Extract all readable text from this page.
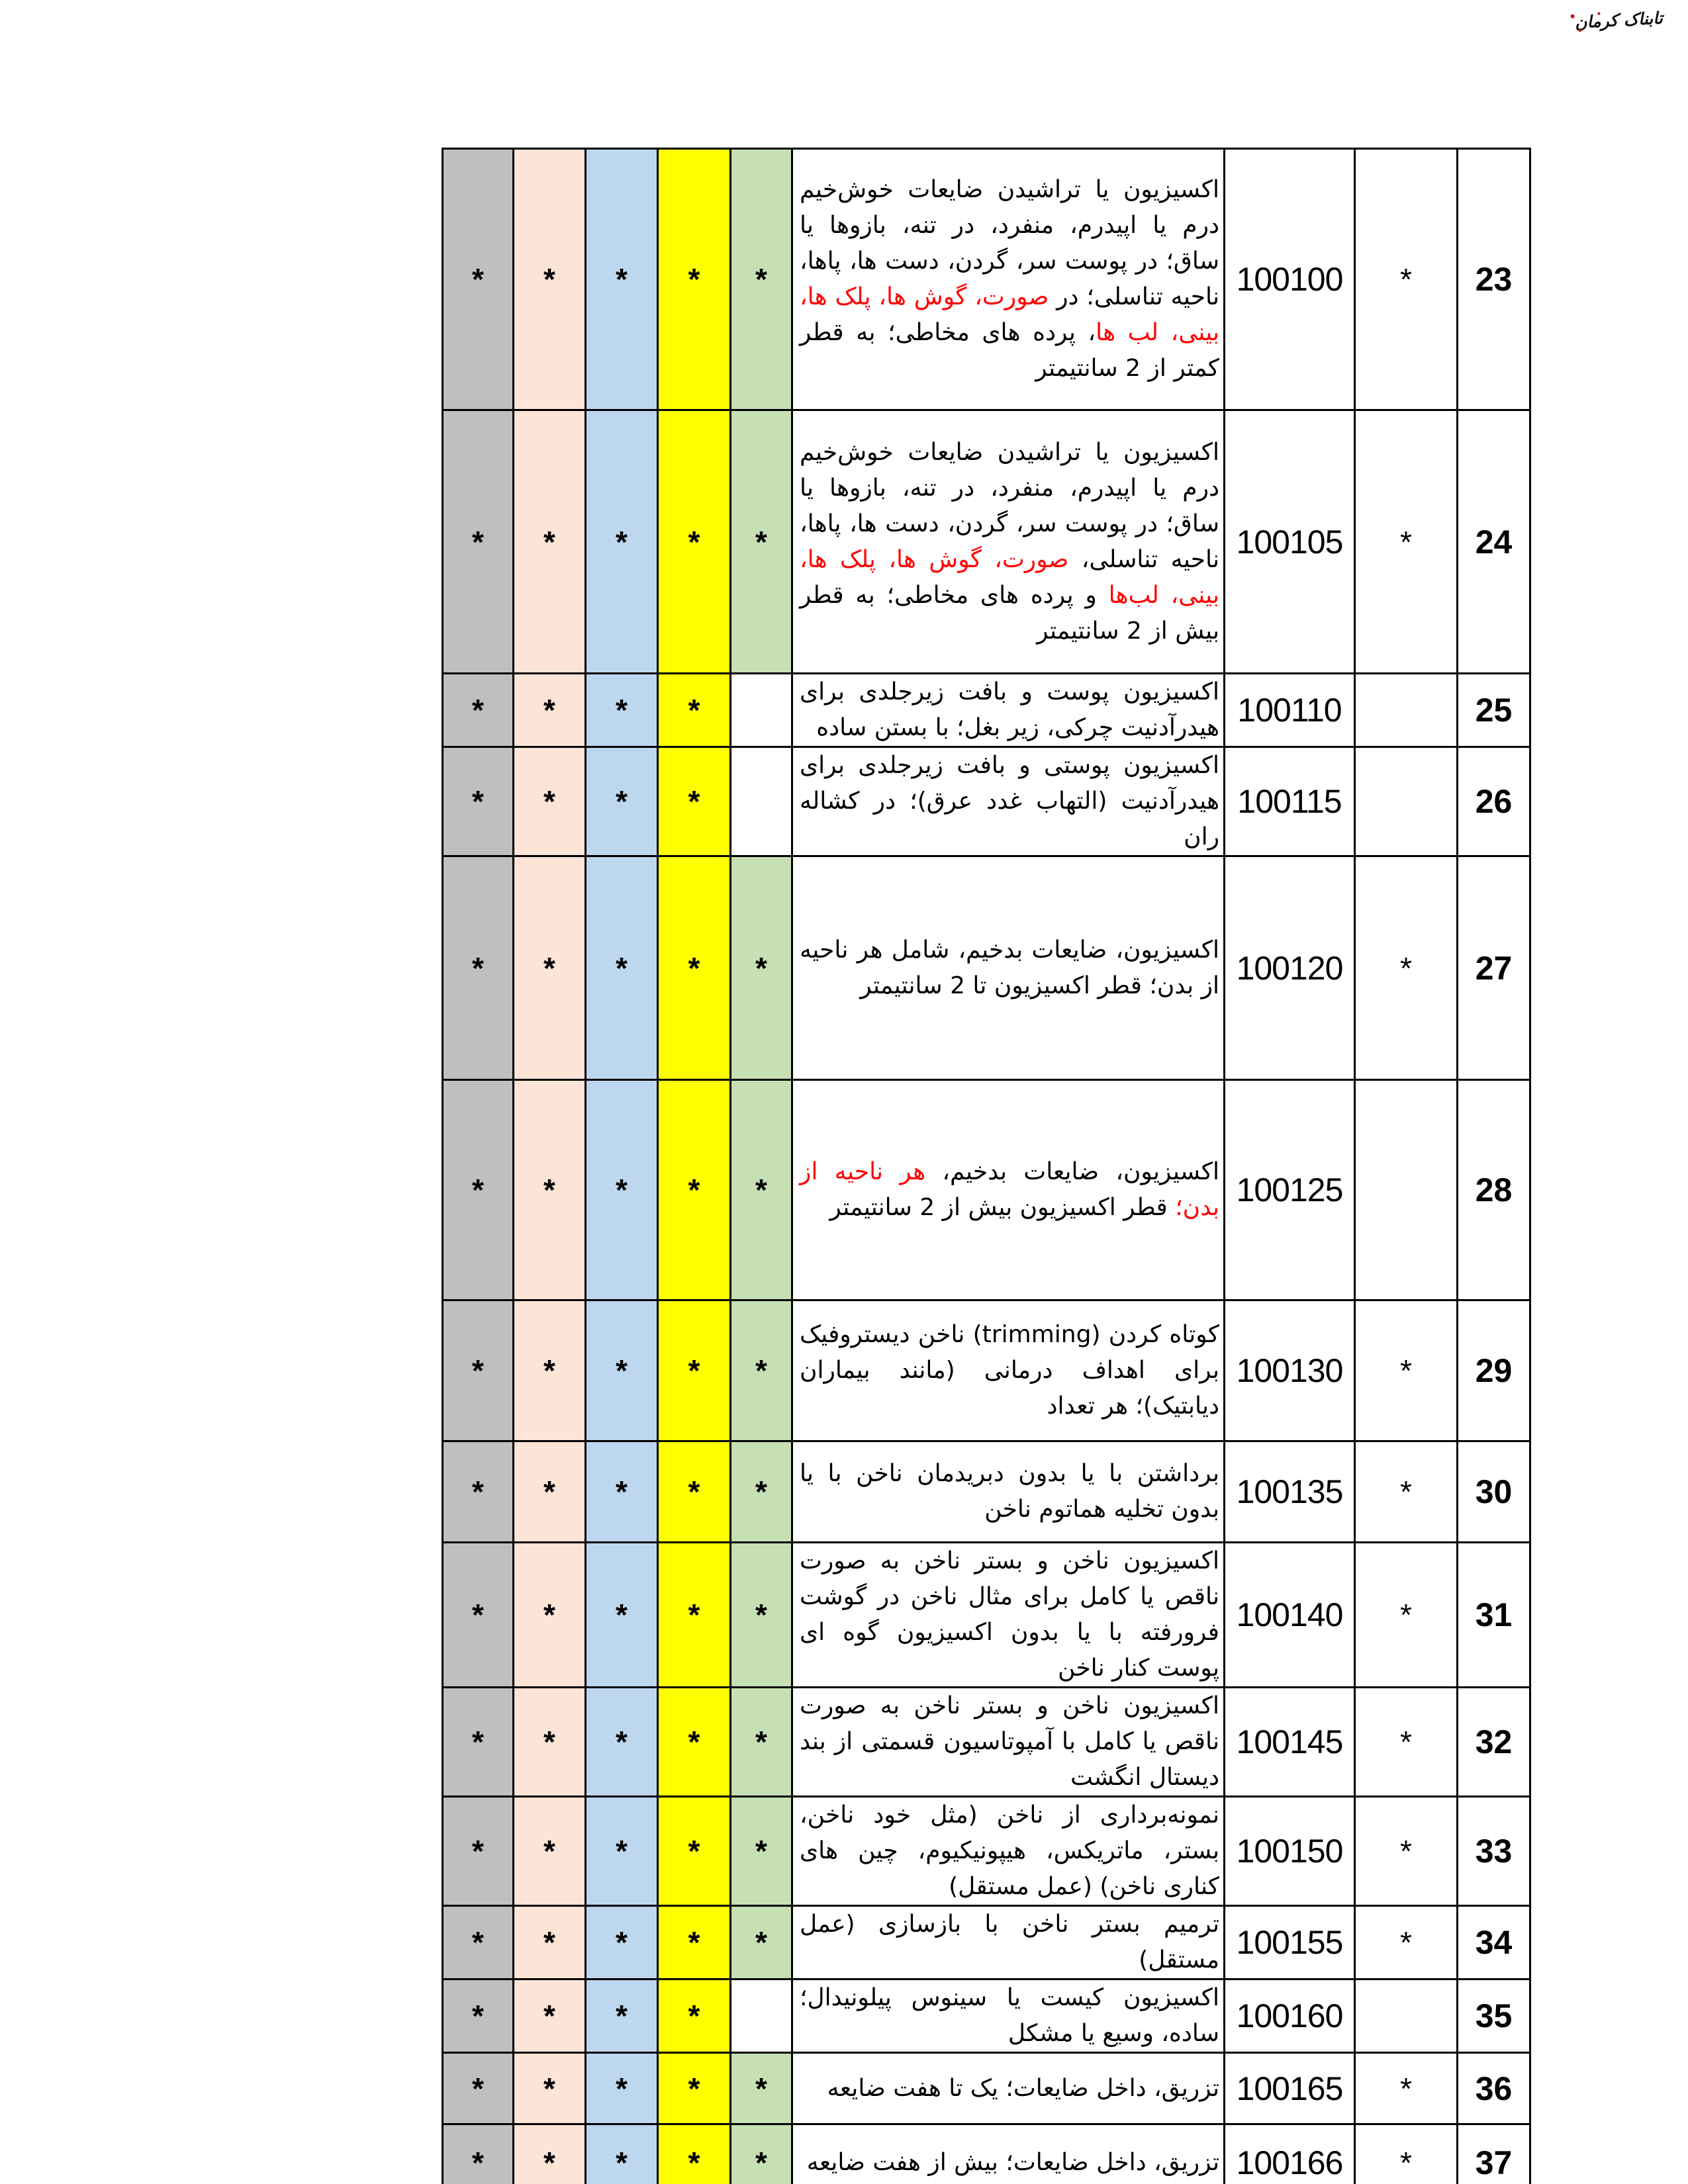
تابناک کرمان
*	*	*	*	*	اکسیزیون یا تراشیدن ضایعات خوش‌خیم درم یا اپیدرم، منفرد، در تنه، بازوها یا ساق؛ در پوست سر، گردن، دست ها، پاها، ناحیه تناسلی؛ در صورت، گوش ها، پلک ها، بینی، لب ها، پرده های مخاطی؛ به قطر کمتر از 2 سانتیمتر	100100	*	23
*	*	*	*	*	اکسیزیون یا تراشیدن ضایعات خوش‌خیم درم یا اپیدرم، منفرد، در تنه، بازوها یا ساق؛ در پوست سر، گردن، دست ها، پاها، ناحیه تناسلی، صورت، گوش ها، پلک ها، بینی، لب‌ها و پرده های مخاطی؛ به قطر بیش از 2 سانتیمتر	100105	*	24
*	*	*	*		اکسیزیون پوست و بافت زیرجلدی برای هیدرآدنیت چرکی، زیر بغل؛ با بستن ساده	100110		25
*	*	*	*		اکسیزیون پوستی و بافت زیرجلدی برای هیدرآدنیت (التهاب غدد عرق)؛ در کشاله ران	100115		26
*	*	*	*	*	اکسیزیون، ضایعات بدخیم، شامل هر ناحیه از بدن؛ قطر اکسیزیون تا 2 سانتیمتر	100120	*	27
*	*	*	*	*	اکسیزیون، ضایعات بدخیم، هر ناحیه از بدن؛ قطر اکسیزیون بیش از 2 سانتیمتر	100125		28
*	*	*	*	*	کوتاه کردن (trimming) ناخن دیستروفیک برای اهداف درمانی (مانند بیماران دیابتیک)؛ هر تعداد	100130	*	29
*	*	*	*	*	برداشتن با یا بدون دبریدمان ناخن با یا بدون تخلیه هماتوم ناخن	100135	*	30
*	*	*	*	*	اکسیزیون ناخن و بستر ناخن به صورت ناقص یا کامل برای مثال ناخن در گوشت فرورفته با یا بدون اکسیزیون گوه ای پوست کنار ناخن	100140	*	31
*	*	*	*	*	اکسیزیون ناخن و بستر ناخن به صورت ناقص یا کامل با آمپوتاسیون قسمتی از بند دیستال انگشت	100145	*	32
*	*	*	*	*	نمونه‌برداری از ناخن (مثل خود ناخن، بستر، ماتریکس، هیپونیکیوم، چین های کناری ناخن) (عمل مستقل)	100150	*	33
*	*	*	*	*	ترمیم بستر ناخن با بازسازی (عمل مستقل)	100155	*	34
*	*	*	*		اکسیزیون کیست یا سینوس پیلونیدال؛ ساده، وسیع یا مشکل	100160		35
*	*	*	*	*	تزریق، داخل ضایعات؛ یک تا هفت ضایعه	100165	*	36
*	*	*	*	*	تزریق، داخل ضایعات؛ بیش از هفت ضایعه	100166	*	37
